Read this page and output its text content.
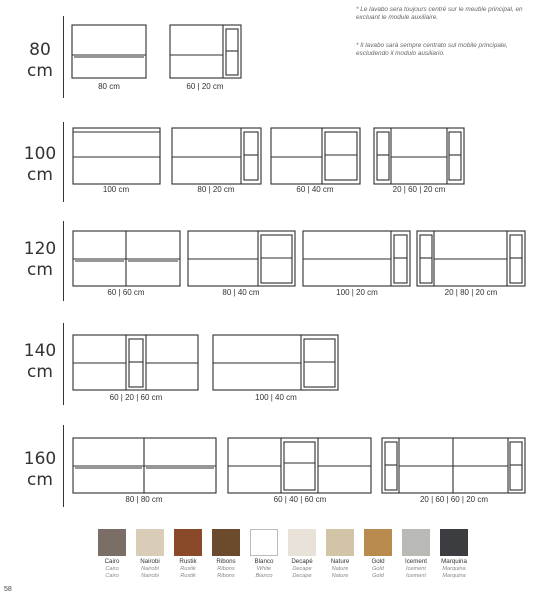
* Le lavabo sera toujours centré sur le meuble principal, en excluant le module auxiliaire.
* Il lavabo sarà sempre centrato sul mobile principale, escludendo il modulo ausiliario.
80
cm
100
cm
120
cm
140
cm
160
cm
80 cm	60 | 20 cm
100 cm	80 | 20 cm	60 | 40 cm	20 | 60 | 20 cm
60 | 60 cm	80 | 40 cm	100 | 20 cm	20 | 80 | 20 cm
60 | 20 | 60 cm	100 | 40 cm
80 | 80 cm	60 | 40 | 60 cm	20 | 60 | 60 | 20 cm
Cairo
Cairo
Cairo
Nairobi
Nairobi
Nairobi
Rustik
Rustik
Rustik
Ribons
Ribons
Ribons
Blanco
White
Bianco
Decapé
Decape
Decape
Nature
Nature
Nature
Gold
Gold
Gold
Icement
Icement
Icement
Marquina
Marquina
Marquina
58
